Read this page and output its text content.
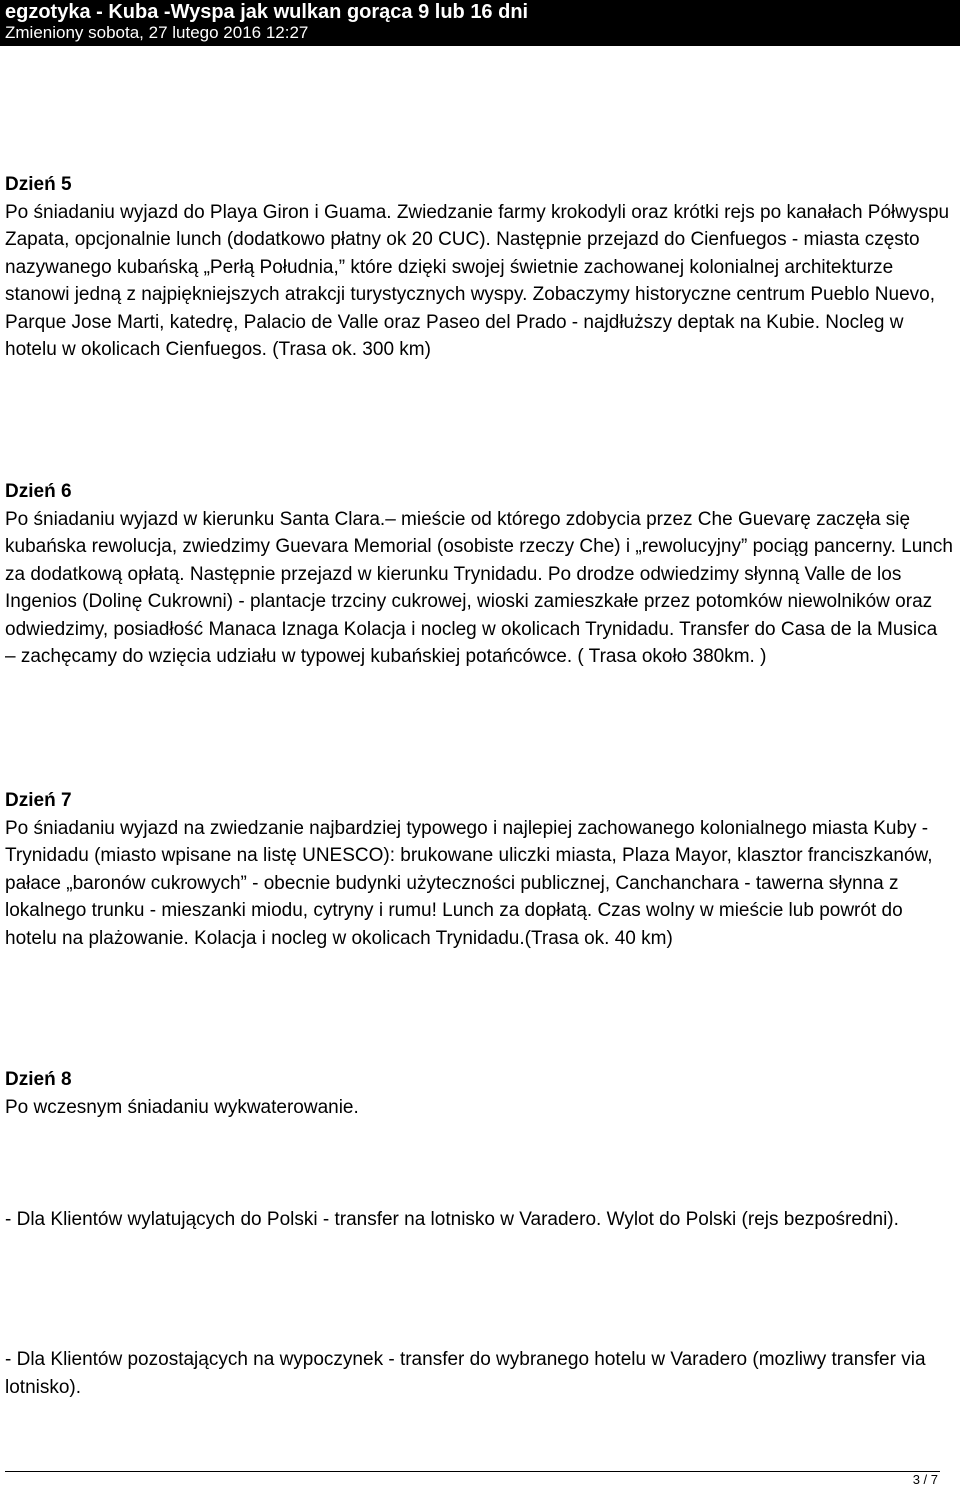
egzotyka - Kuba -Wyspa jak wulkan gorąca 9 lub 16 dni
Zmieniony sobota, 27 lutego 2016 12:27

Dzień 5

Po śniadaniu wyjazd do Playa Giron i Guama. Zwiedzanie farmy krokodyli oraz krótki rejs po kanałach Półwyspu Zapata, opcjonalnie lunch (dodatkowo płatny ok 20 CUC). Następnie przejazd do Cienfuegos - miasta często nazywanego kubańską „Perłą Południa,” które dzięki swojej świetnie zachowanej kolonialnej architekturze stanowi jedną z najpiękniejszych atrakcji turystycznych wyspy. Zobaczymy historyczne centrum Pueblo Nuevo, Parque Jose Marti, katedrę, Palacio de Valle oraz Paseo del Prado - najdłuższy deptak na Kubie. Nocleg w hotelu w okolicach Cienfuegos. (Trasa ok. 300 km)

Dzień 6

Po śniadaniu wyjazd w kierunku Santa Clara.– mieście od którego zdobycia przez Che Guevarę zaczęła się kubańska rewolucja, zwiedzimy Guevara Memorial (osobiste rzeczy Che) i „rewolucyjny” pociąg pancerny. Lunch za dodatkową opłatą. Następnie przejazd w kierunku Trynidadu. Po drodze odwiedzimy słynną Valle de los Ingenios (Dolinę Cukrowni) - plantacje trzciny cukrowej, wioski zamieszkałe przez potomków niewolników oraz odwiedzimy, posiadłość Manaca Iznaga Kolacja i nocleg w okolicach Trynidadu. Transfer do Casa de la Musica – zachęcamy do wzięcia udziału w typowej kubańskiej potańcówce. ( Trasa około 380km. )

Dzień 7

Po śniadaniu wyjazd na zwiedzanie najbardziej typowego i najlepiej zachowanego kolonialnego miasta Kuby - Trynidadu (miasto wpisane na listę UNESCO): brukowane uliczki miasta, Plaza Mayor, klasztor franciszkanów, pałace „baronów cukrowych” - obecnie budynki użyteczności publicznej, Canchanchara - tawerna słynna z lokalnego trunku - mieszanki miodu, cytryny i rumu! Lunch za dopłatą. Czas wolny w mieście lub powrót do hotelu na plażowanie. Kolacja i nocleg w okolicach Trynidadu.(Trasa ok. 40 km)

Dzień 8

Po wczesnym śniadaniu wykwaterowanie.

- Dla Klientów wylatujących do Polski - transfer na lotnisko w Varadero. Wylot do Polski (rejs bezpośredni).

- Dla Klientów pozostających na wypoczynek - transfer do wybranego hotelu w Varadero (mozliwy transfer via lotnisko).

3 / 7
